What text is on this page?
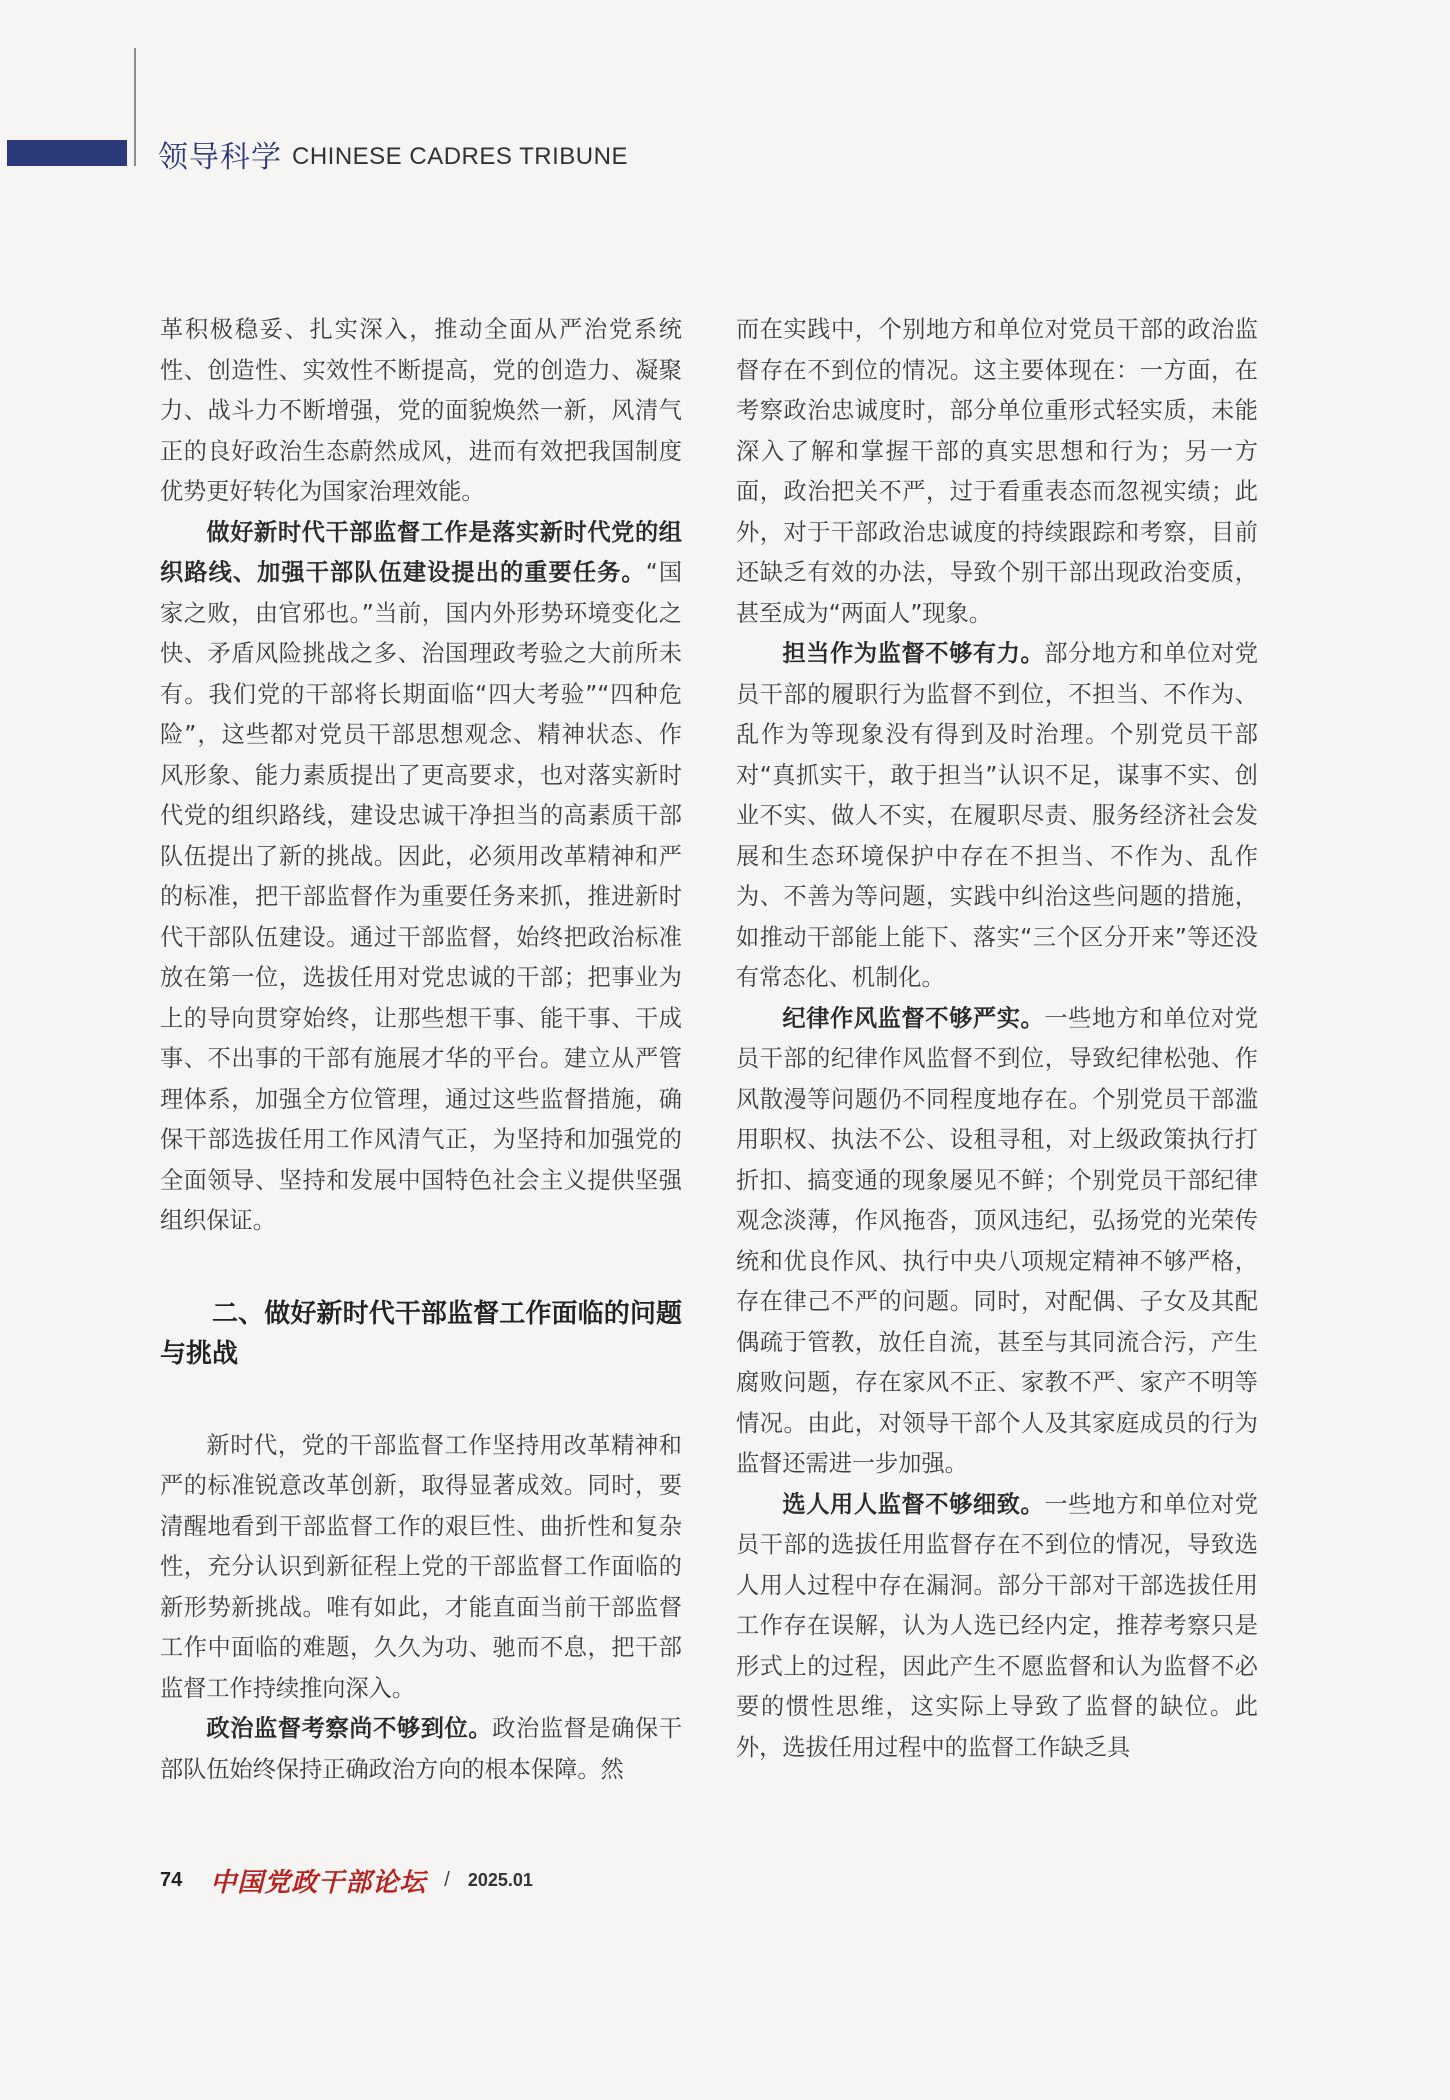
领导科学 CHINESE CADRES TRIBUNE

革积极稳妥、扎实深入，推动全面从严治党系统性、创造性、实效性不断提高，党的创造力、凝聚力、战斗力不断增强，党的面貌焕然一新，风清气正的良好政治生态蔚然成风，进而有效把我国制度优势更好转化为国家治理效能。

做好新时代干部监督工作是落实新时代党的组织路线、加强干部队伍建设提出的重要任务。“国家之败，由官邪也。”当前，国内外形势环境变化之快、矛盾风险挑战之多、治国理政考验之大前所未有。我们党的干部将长期面临“四大考验”“四种危险”，这些都对党员干部思想观念、精神状态、作风形象、能力素质提出了更高要求，也对落实新时代党的组织路线，建设忠诚干净担当的高素质干部队伍提出了新的挑战。因此，必须用改革精神和严的标准，把干部监督作为重要任务来抓，推进新时代干部队伍建设。通过干部监督，始终把政治标准放在第一位，选拔任用对党忠诚的干部；把事业为上的导向贯穿始终，让那些想干事、能干事、干成事、不出事的干部有施展才华的平台。建立从严管理体系，加强全方位管理，通过这些监督措施，确保干部选拔任用工作风清气正，为坚持和加强党的全面领导、坚持和发展中国特色社会主义提供坚强组织保证。

二、做好新时代干部监督工作面临的问题与挑战

新时代，党的干部监督工作坚持用改革精神和严的标准锐意改革创新，取得显著成效。同时，要清醒地看到干部监督工作的艰巨性、曲折性和复杂性，充分认识到新征程上党的干部监督工作面临的新形势新挑战。唯有如此，才能直面当前干部监督工作中面临的难题，久久为功、驰而不息，把干部监督工作持续推向深入。

政治监督考察尚不够到位。政治监督是确保干部队伍始终保持正确政治方向的根本保障。然

而在实践中，个别地方和单位对党员干部的政治监督存在不到位的情况。这主要体现在：一方面，在考察政治忠诚度时，部分单位重形式轻实质，未能深入了解和掌握干部的真实思想和行为；另一方面，政治把关不严，过于看重表态而忽视实绩；此外，对于干部政治忠诚度的持续跟踪和考察，目前还缺乏有效的办法，导致个别干部出现政治变质，甚至成为“两面人”现象。

担当作为监督不够有力。部分地方和单位对党员干部的履职行为监督不到位，不担当、不作为、乱作为等现象没有得到及时治理。个别党员干部对“真抓实干，敢于担当”认识不足，谋事不实、创业不实、做人不实，在履职尽责、服务经济社会发展和生态环境保护中存在不担当、不作为、乱作为、不善为等问题，实践中纠治这些问题的措施，如推动干部能上能下、落实“三个区分开来”等还没有常态化、机制化。

纪律作风监督不够严实。一些地方和单位对党员干部的纪律作风监督不到位，导致纪律松弛、作风散漫等问题仍不同程度地存在。个别党员干部滥用职权、执法不公、设租寻租，对上级政策执行打折扣、搞变通的现象屡见不鲜；个别党员干部纪律观念淡薄，作风拖沓，顶风违纪，弘扬党的光荣传统和优良作风、执行中央八项规定精神不够严格，存在律己不严的问题。同时，对配偶、子女及其配偶疏于管教，放任自流，甚至与其同流合污，产生腐败问题，存在家风不正、家教不严、家产不明等情况。由此，对领导干部个人及其家庭成员的行为监督还需进一步加强。

选人用人监督不够细致。一些地方和单位对党员干部的选拔任用监督存在不到位的情况，导致选人用人过程中存在漏洞。部分干部对干部选拔任用工作存在误解，认为人选已经内定，推荐考察只是形式上的过程，因此产生不愿监督和认为监督不必要的惯性思维，这实际上导致了监督的缺位。此外，选拔任用过程中的监督工作缺乏具

74 中国党政干部论坛 / 2025.01
